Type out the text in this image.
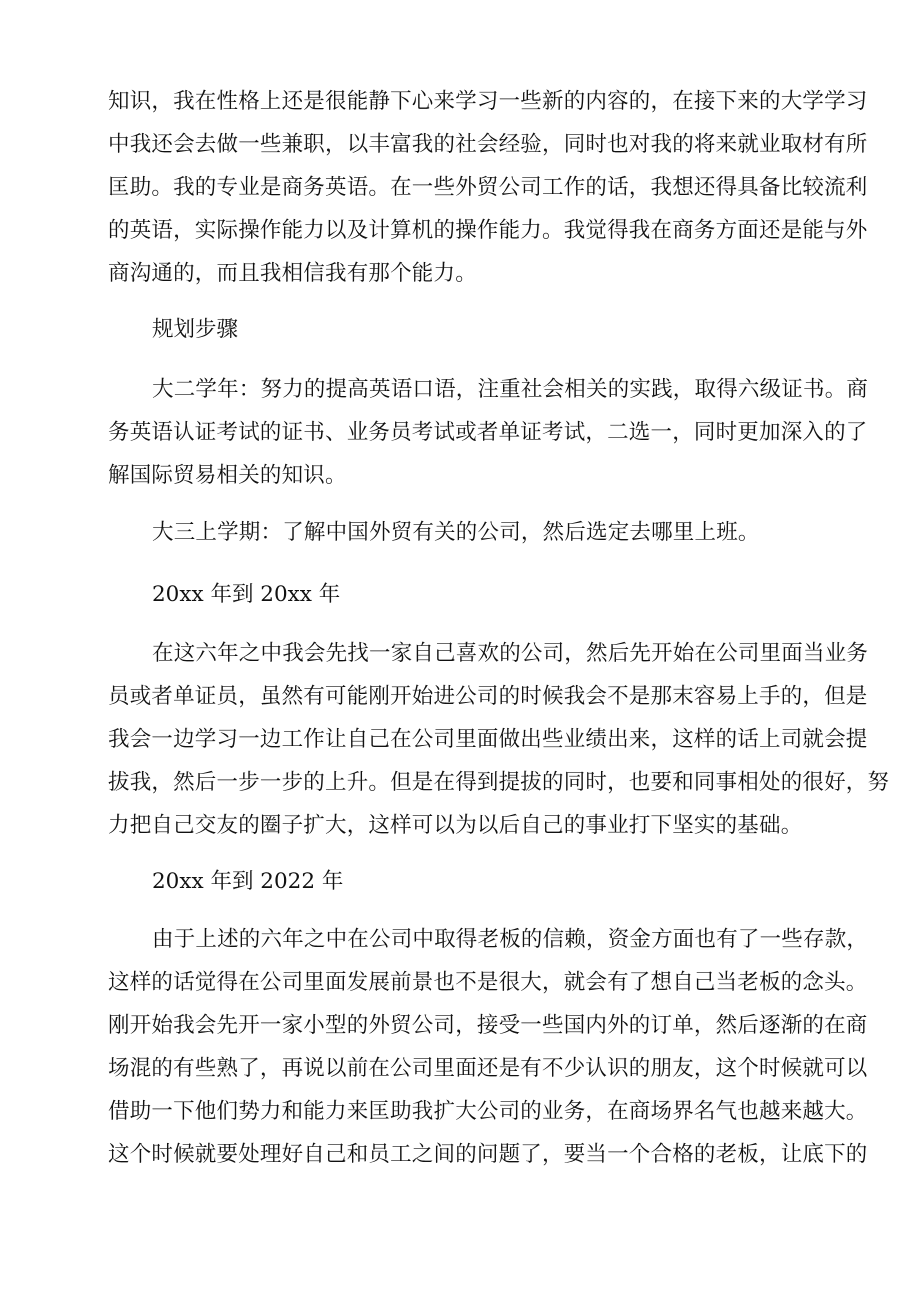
知识，我在性格上还是很能静下心来学习一些新的内容的，在接下来的大学学习
中我还会去做一些兼职，以丰富我的社会经验，同时也对我的将来就业取材有所
匡助。我的专业是商务英语。在一些外贸公司工作的话，我想还得具备比较流利
的英语，实际操作能力以及计算机的操作能力。我觉得我在商务方面还是能与外
商沟通的，而且我相信我有那个能力。
规划步骤
大二学年：努力的提高英语口语，注重社会相关的实践，取得六级证书。商
务英语认证考试的证书、业务员考试或者单证考试，二选一，同时更加深入的了
解国际贸易相关的知识。
大三上学期：了解中国外贸有关的公司，然后选定去哪里上班。
20xx 年到 20xx 年
在这六年之中我会先找一家自己喜欢的公司，然后先开始在公司里面当业务
员或者单证员，虽然有可能刚开始进公司的时候我会不是那末容易上手的，但是
我会一边学习一边工作让自己在公司里面做出些业绩出来，这样的话上司就会提
拔我，然后一步一步的上升。但是在得到提拔的同时，也要和同事相处的很好，努
力把自己交友的圈子扩大，这样可以为以后自己的事业打下坚实的基础。
20xx 年到 2022 年
由于上述的六年之中在公司中取得老板的信赖，资金方面也有了一些存款，
这样的话觉得在公司里面发展前景也不是很大，就会有了想自己当老板的念头。
刚开始我会先开一家小型的外贸公司，接受一些国内外的订单，然后逐渐的在商
场混的有些熟了，再说以前在公司里面还是有不少认识的朋友，这个时候就可以
借助一下他们势力和能力来匡助我扩大公司的业务，在商场界名气也越来越大。
这个时候就要处理好自己和员工之间的问题了，要当一个合格的老板，让底下的
